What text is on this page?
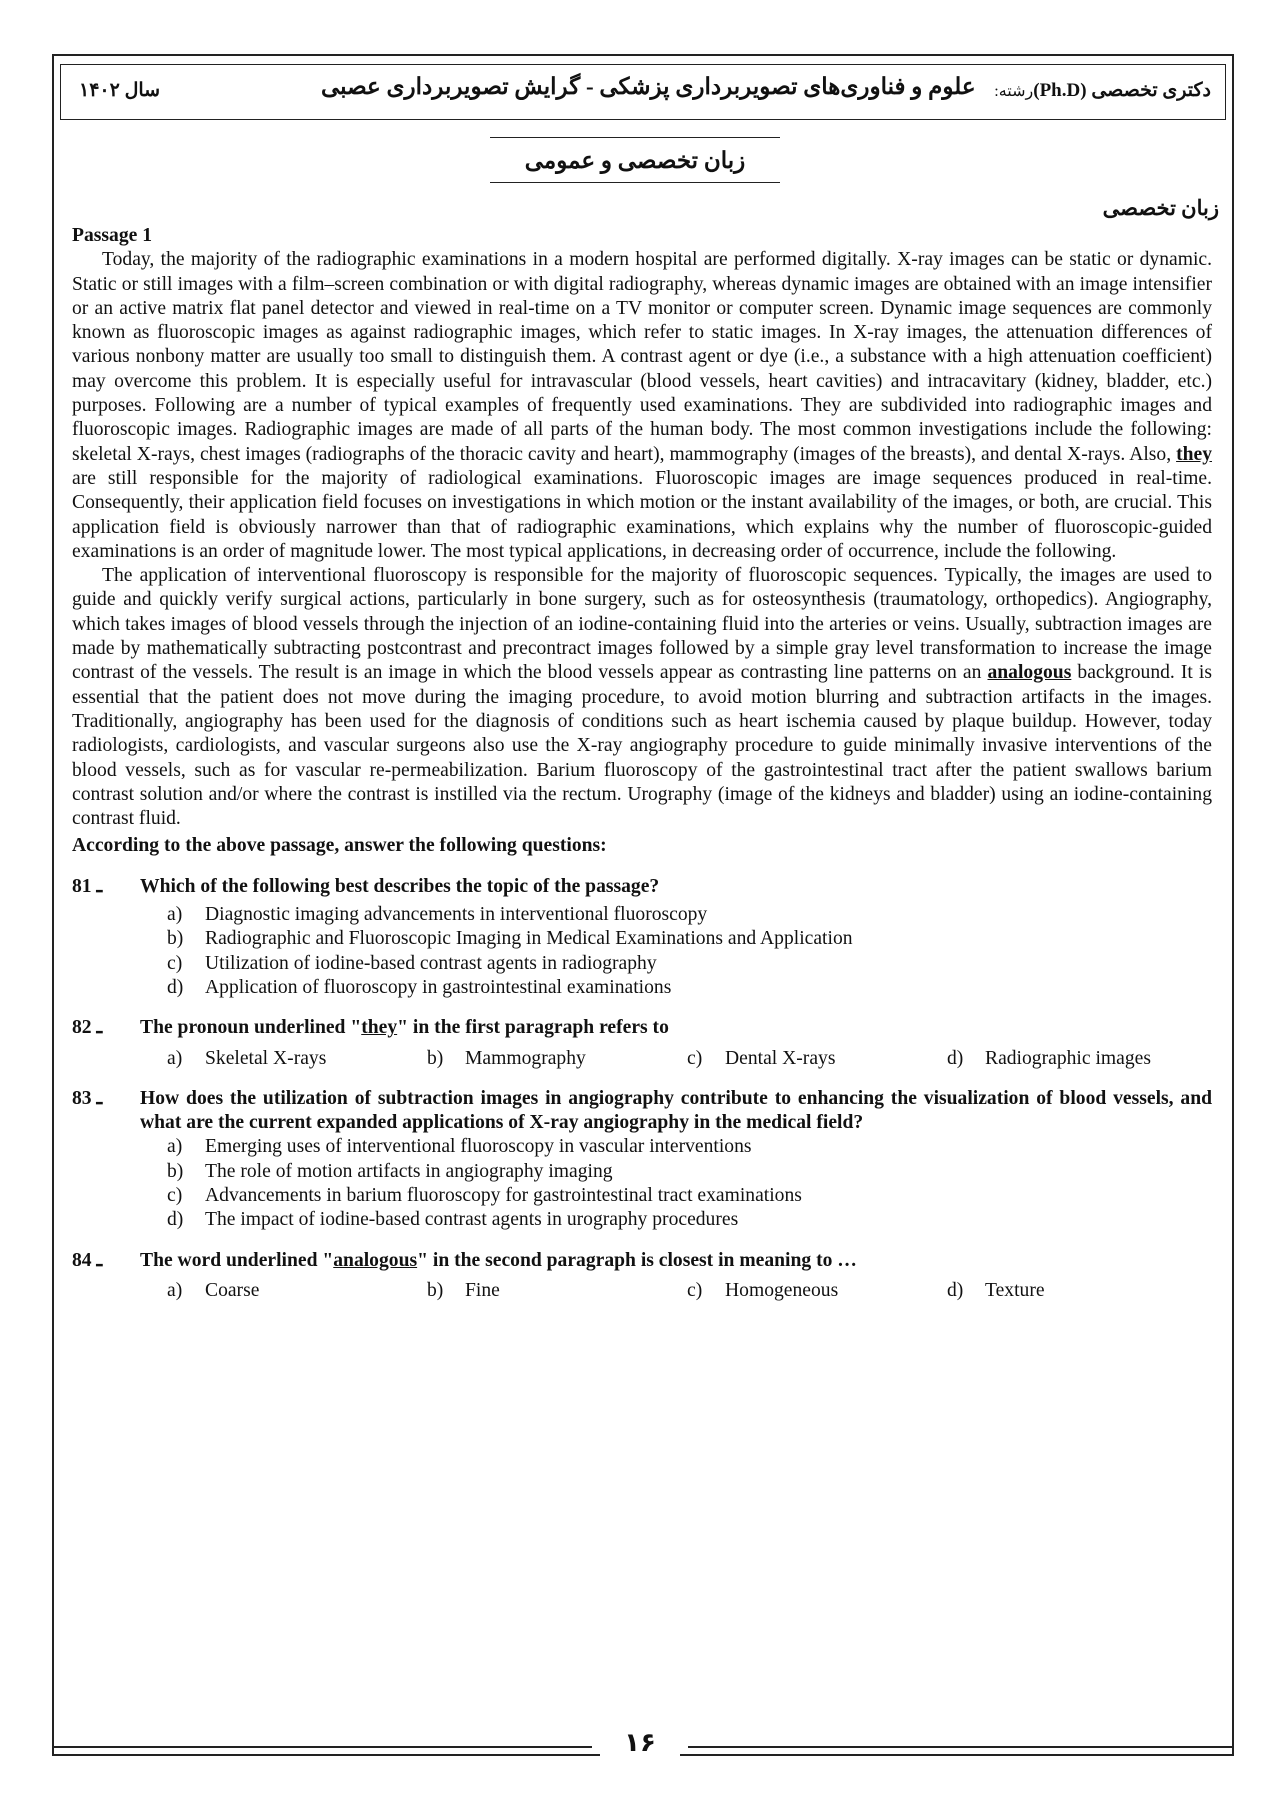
سال ۱۴۰۲	علوم و فناوری‌های تصویربرداری پزشکی - گرایش تصویربرداری عصبی	دکتری تخصصی (Ph.D)رشته:
زبان تخصصی و عمومی
زبان تخصصی
Passage 1

Today, the majority of the radiographic examinations in a modern hospital are performed digitally. X-ray images can be static or dynamic. Static or still images with a film–screen combination or with digital radiography, whereas dynamic images are obtained with an image intensifier or an active matrix flat panel detector and viewed in real-time on a TV monitor or computer screen. Dynamic image sequences are commonly known as fluoroscopic images as against radiographic images, which refer to static images. In X-ray images, the attenuation differences of various nonbony matter are usually too small to distinguish them. A contrast agent or dye (i.e., a substance with a high attenuation coefficient) may overcome this problem. It is especially useful for intravascular (blood vessels, heart cavities) and intracavitary (kidney, bladder, etc.) purposes. Following are a number of typical examples of frequently used examinations. They are subdivided into radiographic images and fluoroscopic images. Radiographic images are made of all parts of the human body. The most common investigations include the following: skeletal X-rays, chest images (radiographs of the thoracic cavity and heart), mammography (images of the breasts), and dental X-rays. Also, they are still responsible for the majority of radiological examinations. Fluoroscopic images are image sequences produced in real-time. Consequently, their application field focuses on investigations in which motion or the instant availability of the images, or both, are crucial. This application field is obviously narrower than that of radiographic examinations, which explains why the number of fluoroscopic-guided examinations is an order of magnitude lower. The most typical applications, in decreasing order of occurrence, include the following.

The application of interventional fluoroscopy is responsible for the majority of fluoroscopic sequences. Typically, the images are used to guide and quickly verify surgical actions, particularly in bone surgery, such as for osteosynthesis (traumatology, orthopedics). Angiography, which takes images of blood vessels through the injection of an iodine-containing fluid into the arteries or veins. Usually, subtraction images are made by mathematically subtracting postcontrast and precontract images followed by a simple gray level transformation to increase the image contrast of the vessels. The result is an image in which the blood vessels appear as contrasting line patterns on an analogous background. It is essential that the patient does not move during the imaging procedure, to avoid motion blurring and subtraction artifacts in the images. Traditionally, angiography has been used for the diagnosis of conditions such as heart ischemia caused by plaque buildup. However, today radiologists, cardiologists, and vascular surgeons also use the X-ray angiography procedure to guide minimally invasive interventions of the blood vessels, such as for vascular re-permeabilization. Barium fluoroscopy of the gastrointestinal tract after the patient swallows barium contrast solution and/or where the contrast is instilled via the rectum. Urography (image of the kidneys and bladder) using an iodine-containing contrast fluid.

According to the above passage, answer the following questions:
81 ـ	Which of the following best describes the topic of the passage?
a)	Diagnostic imaging advancements in interventional fluoroscopy
b)	Radiographic and Fluoroscopic Imaging in Medical Examinations and Application
c)	Utilization of iodine-based contrast agents in radiography
d)	Application of fluoroscopy in gastrointestinal examinations
82 ـ	The pronoun underlined "they" in the first paragraph refers to
a)	Skeletal X-rays	b)	Mammography	c)	Dental X-rays	d)	Radiographic images
83 ـ	How does the utilization of subtraction images in angiography contribute to enhancing the visualization of blood vessels, and what are the current expanded applications of X-ray angiography in the medical field?
a)	Emerging uses of interventional fluoroscopy in vascular interventions
b)	The role of motion artifacts in angiography imaging
c)	Advancements in barium fluoroscopy for gastrointestinal tract examinations
d)	The impact of iodine-based contrast agents in urography procedures
84 ـ	The word underlined "analogous" in the second paragraph is closest in meaning to …
a)	Coarse	b)	Fine	c)	Homogeneous	d)	Texture
۱۶
